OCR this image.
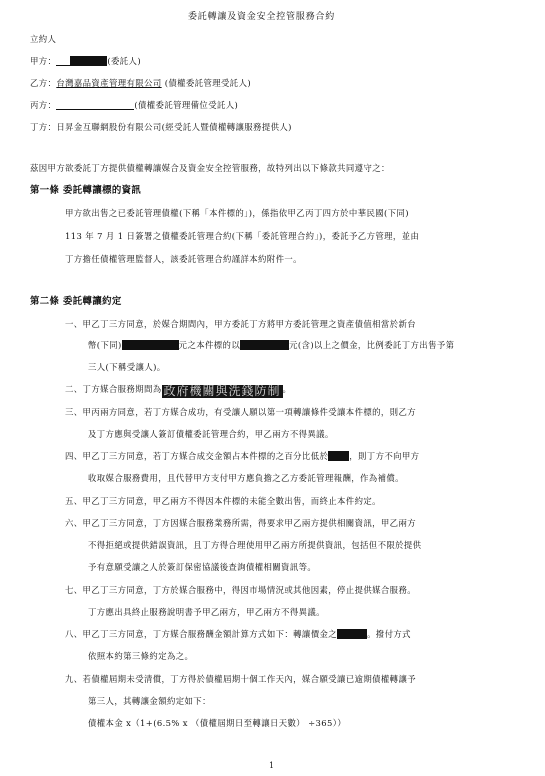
委託轉讓及資金安全控管服務合約
立約人
甲方：	(委託人)
乙方：台灣嘉品資產管理有限公司 (債權委託管理受託人)
丙方：	(債權委託管理備位受託人)
丁方：日昇金互聯網股份有限公司(經受託人暨債權轉讓服務提供人)
茲因甲方欲委託丁方提供債權轉讓媒合及資金安全控管服務，故特列出以下條款共同遵守之：
第一條 委託轉讓標的資訊
甲方欲出售之已委託管理債權(下稱「本件標的」)，係指依甲乙丙丁四方於中華民國(下同)
113 年 7 月 1 日簽署之債權委託管理合約(下稱「委託管理合約」)，委託予乙方管理，並由
丁方擔任債權管理監督人，該委託管理合約謹詳本約附件一。
第二條 委託轉讓約定
一、甲乙丁三方同意，於媒合期間內，甲方委託丁方將甲方委託管理之資產債值相當於新台
幣(下同)	元之本件標的以	元(含)以上之價金，比例委託丁方出售予第
三人(下稱受讓人)。
二、丁方媒合服務期間為 政府機關與洗錢防制 。
三、甲丙兩方同意，若丁方媒合成功，有受讓人願以第一項轉讓條件受讓本件標的，則乙方
及丁方應與受讓人簽訂債權委託管理合約，甲乙兩方不得異議。
四、甲乙丁三方同意，若丁方媒合成交金額占本件標的之百分比低於	，則丁方不向甲方
收取媒合服務費用，且代替甲方支付甲方應負擔之乙方委託管理報酬，作為補償。
五、甲乙丁三方同意，甲乙兩方不得因本件標的未能全數出售，而終止本件約定。
六、甲乙丁三方同意，丁方因媒合服務業務所需，得要求甲乙兩方提供相關資訊，甲乙兩方
不得拒絕或提供錯誤資訊，且丁方得合理使用甲乙兩方所提供資訊，包括但不限於提供
予有意願受讓之人於簽訂保密協議後查詢債權相關資訊等。
七、甲乙丁三方同意，丁方於媒合服務中，得因市場情況或其他因素，停止提供媒合服務。
丁方應出具終止服務說明書予甲乙兩方，甲乙兩方不得異議。
八、甲乙丁三方同意，丁方媒合服務酬金額計算方式如下：轉讓價金之	。撥付方式
依照本約第三條約定為之。
九、若債權屆期未受清償，丁方得於債權屆期十個工作天內，媒合願受讓已逾期債權轉讓予
第三人，其轉讓金額約定如下：
債權本金 x（1+(6.5% x （債權屆期日至轉讓日天數） ÷365））
1
